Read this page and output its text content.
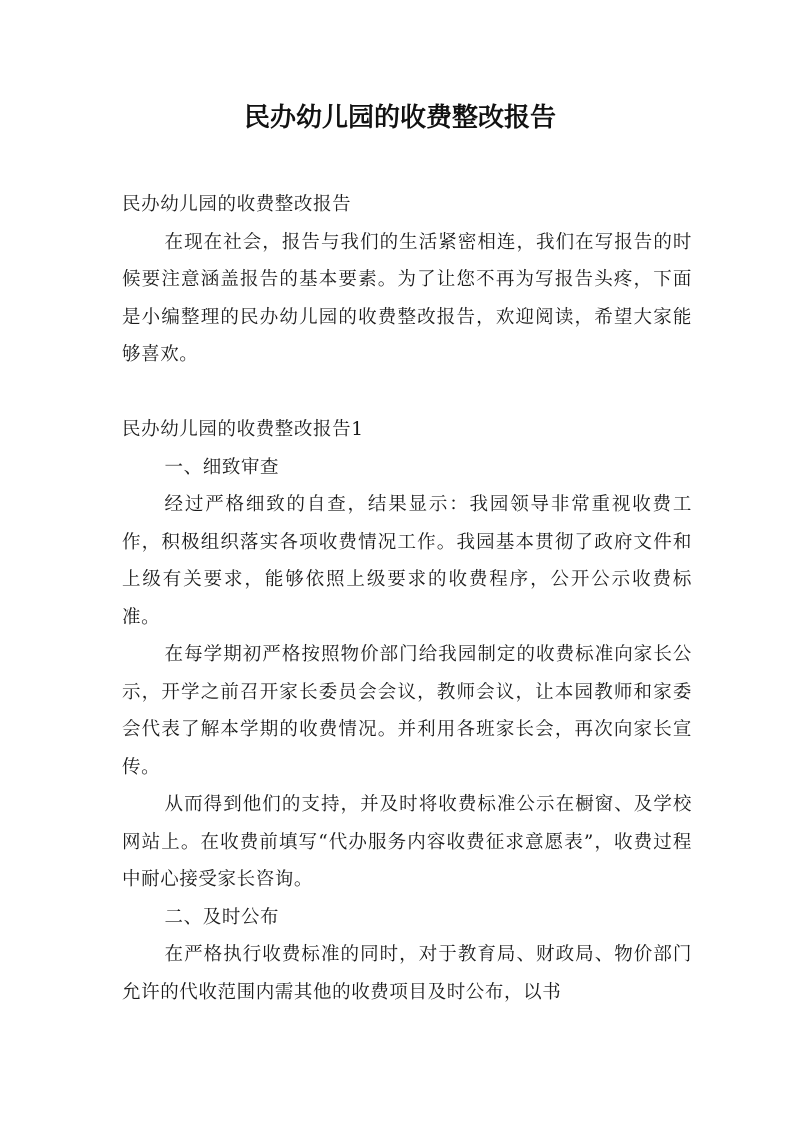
民办幼儿园的收费整改报告

民办幼儿园的收费整改报告

在现在社会，报告与我们的生活紧密相连，我们在写报告的时候要注意涵盖报告的基本要素。为了让您不再为写报告头疼，下面是小编整理的民办幼儿园的收费整改报告，欢迎阅读，希望大家能够喜欢。

民办幼儿园的收费整改报告1

一、细致审查

经过严格细致的自查，结果显示：我园领导非常重视收费工作，积极组织落实各项收费情况工作。我园基本贯彻了政府文件和上级有关要求，能够依照上级要求的收费程序，公开公示收费标准。

在每学期初严格按照物价部门给我园制定的收费标准向家长公示，开学之前召开家长委员会会议，教师会议，让本园教师和家委会代表了解本学期的收费情况。并利用各班家长会，再次向家长宣传。

从而得到他们的支持，并及时将收费标准公示在橱窗、及学校网站上。在收费前填写“代办服务内容收费征求意愿表”，收费过程中耐心接受家长咨询。

二、及时公布

在严格执行收费标准的同时，对于教育局、财政局、物价部门允许的代收范围内需其他的收费项目及时公布，以书
